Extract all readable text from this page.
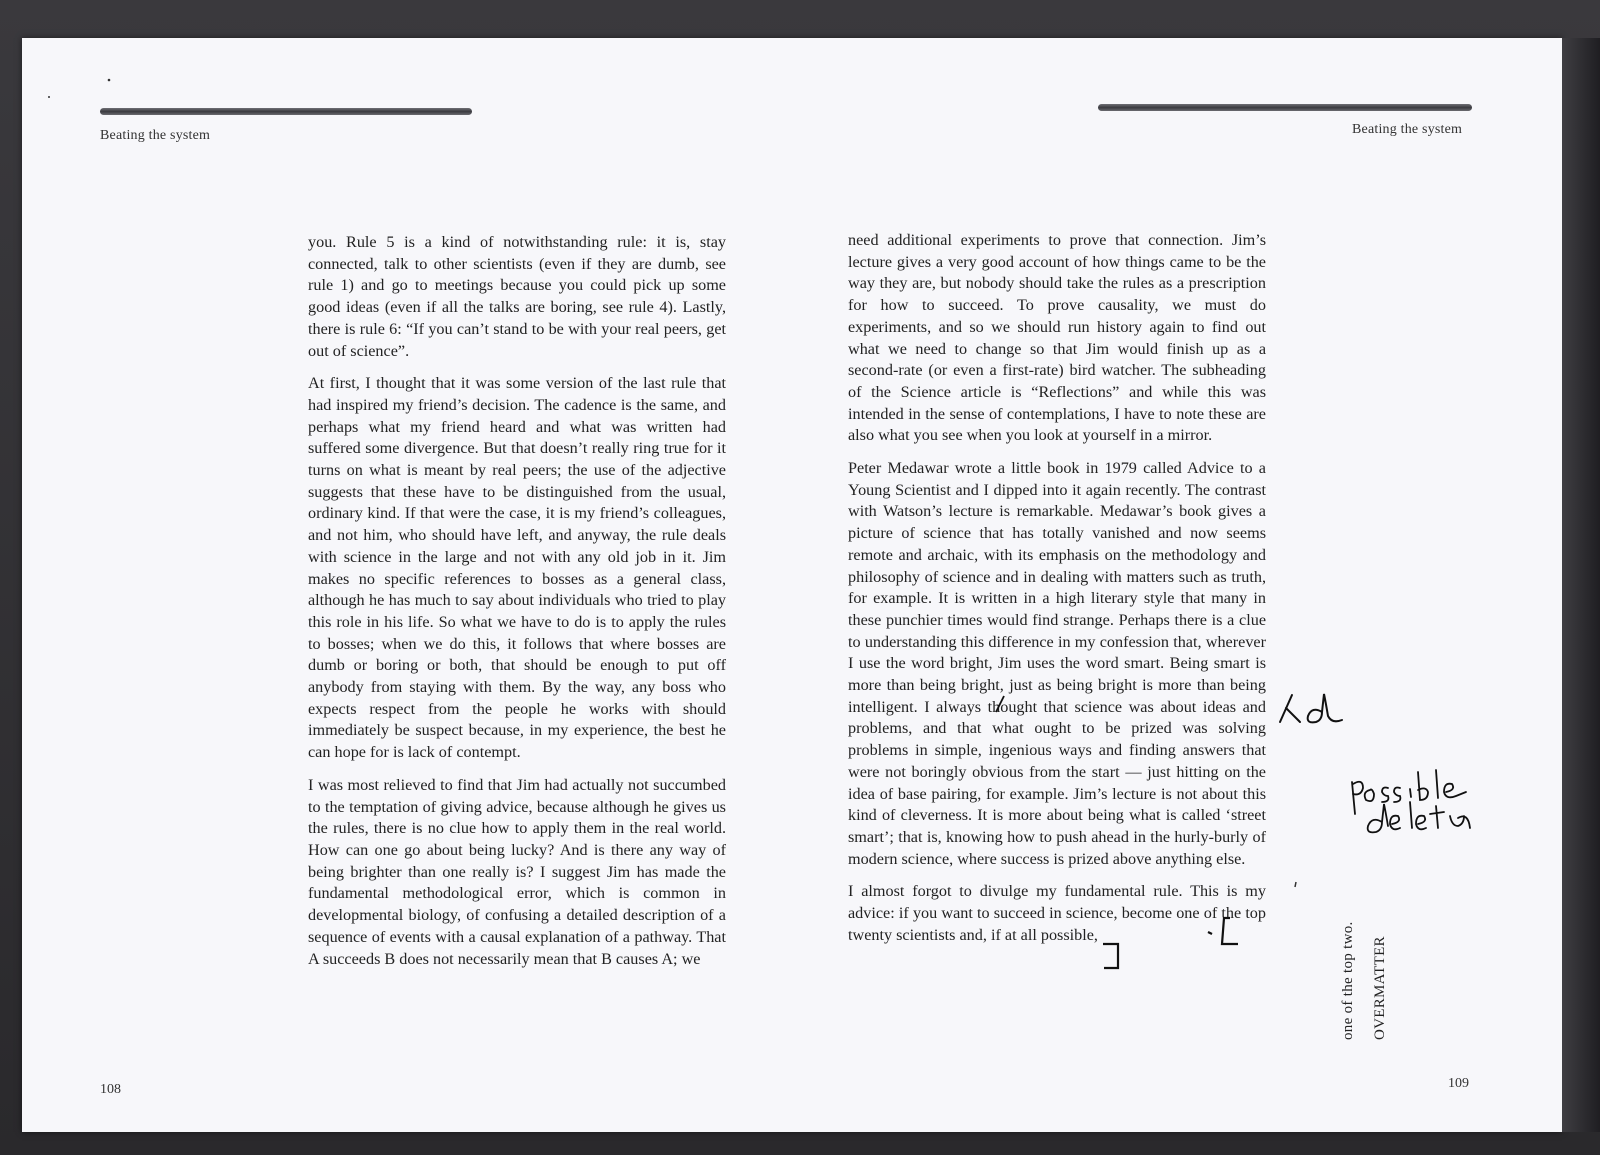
Beating the system	Beating the system

you. Rule 5 is a kind of notwithstanding rule: it is, stay connected, talk to other scientists (even if they are dumb, see rule 1) and go to meetings because you could pick up some good ideas (even if all the talks are boring, see rule 4). Lastly, there is rule 6: “If you can’t stand to be with your real peers, get out of science”.

At first, I thought that it was some version of the last rule that had inspired my friend’s decision. The cadence is the same, and perhaps what my friend heard and what was written had suffered some divergence. But that doesn’t really ring true for it turns on what is meant by real peers; the use of the adjective suggests that these have to be distinguished from the usual, ordinary kind. If that were the case, it is my friend’s colleagues, and not him, who should have left, and anyway, the rule deals with science in the large and not with any old job in it. Jim makes no specific references to bosses as a general class, although he has much to say about individuals who tried to play this role in his life. So what we have to do is to apply the rules to bosses; when we do this, it follows that where bosses are dumb or boring or both, that should be enough to put off anybody from staying with them. By the way, any boss who expects respect from the people he works with should immediately be suspect because, in my experience, the best he can hope for is lack of contempt.

I was most relieved to find that Jim had actually not succumbed to the temptation of giving advice, because although he gives us the rules, there is no clue how to apply them in the real world. How can one go about being lucky? And is there any way of being brighter than one really is? I suggest Jim has made the fundamental methodological error, which is common in developmental biology, of confusing a detailed description of a sequence of events with a causal explanation of a pathway. That A succeeds B does not necessarily mean that B causes A; we

need additional experiments to prove that connection. Jim’s lecture gives a very good account of how things came to be the way they are, but nobody should take the rules as a prescription for how to succeed. To prove causality, we must do experiments, and so we should run history again to find out what we need to change so that Jim would finish up as a second-rate (or even a first-rate) bird watcher. The subheading of the Science article is “Reflections” and while this was intended in the sense of contemplations, I have to note these are also what you see when you look at yourself in a mirror.

Peter Medawar wrote a little book in 1979 called Advice to a Young Scientist and I dipped into it again recently. The contrast with Watson’s lecture is remarkable. Medawar’s book gives a picture of science that has totally vanished and now seems remote and archaic, with its emphasis on the methodology and philosophy of science and in dealing with matters such as truth, for example. It is written in a high literary style that many in these punchier times would find strange. Perhaps there is a clue to understanding this difference in my confession that, wherever I use the word bright, Jim uses the word smart. Being smart is more than being bright, just as being bright is more than being intelligent. I always thought that science was about ideas and problems, and that what ought to be prized was solving problems in simple, ingenious ways and finding answers that were not boringly obvious from the start — just hitting on the idea of base pairing, for example. Jim’s lecture is not about this kind of cleverness. It is more about being what is called ‘street smart’; that is, knowing how to push ahead in the hurly-burly of modern science, where success is prized above anything else.

I almost forgot to divulge my fundamental rule. This is my advice: if you want to succeed in science, become one of the top twenty scientists and, if at all possible,

108	109
one of the top two. OVERMATTER
